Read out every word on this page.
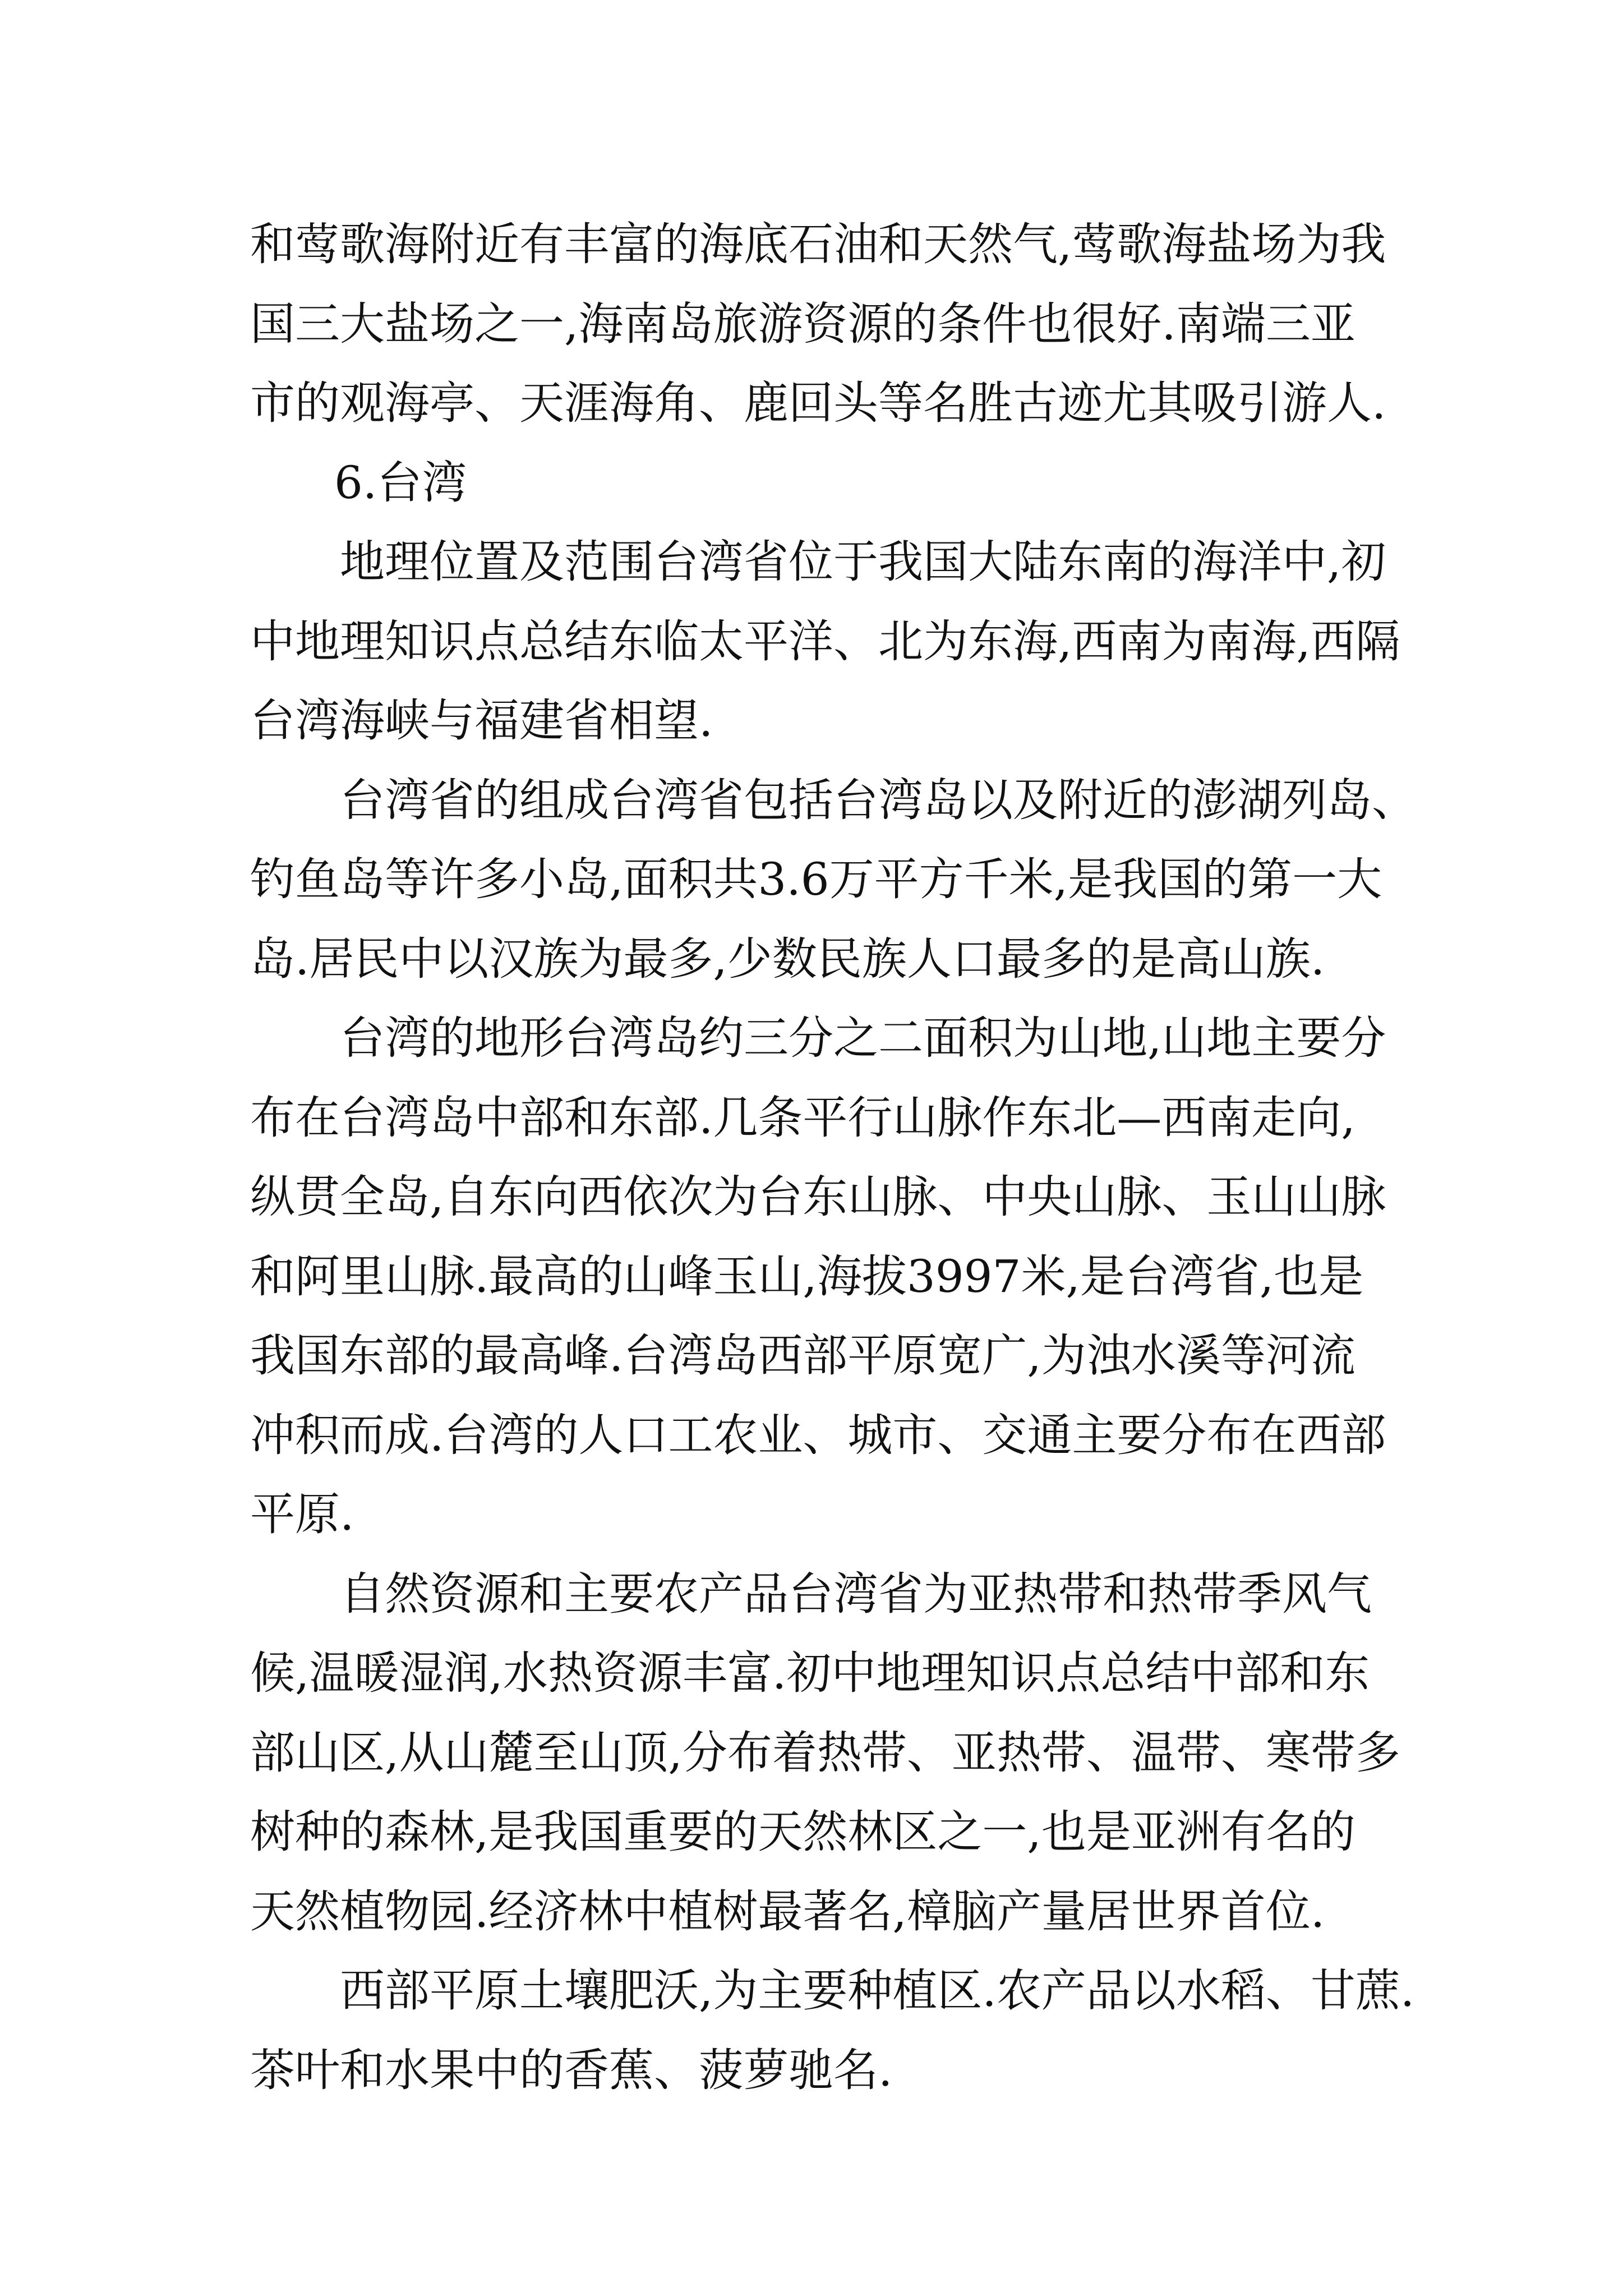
和莺歌海附近有丰富的海底石油和天然气,莺歌海盐场为我
国三大盐场之一,海南岛旅游资源的条件也很好.南端三亚
市的观海亭、天涯海角、鹿回头等名胜古迹尤其吸引游人.
6.台湾
地理位置及范围台湾省位于我国大陆东南的海洋中,初
中地理知识点总结东临太平洋、北为东海,西南为南海,西隔
台湾海峡与福建省相望.
台湾省的组成台湾省包括台湾岛以及附近的澎湖列岛、
钓鱼岛等许多小岛,面积共3.6万平方千米,是我国的第一大
岛.居民中以汉族为最多,少数民族人口最多的是高山族.
台湾的地形台湾岛约三分之二面积为山地,山地主要分
布在台湾岛中部和东部.几条平行山脉作东北—西南走向,
纵贯全岛,自东向西依次为台东山脉、中央山脉、玉山山脉
和阿里山脉.最高的山峰玉山,海拔3997米,是台湾省,也是
我国东部的最高峰.台湾岛西部平原宽广,为浊水溪等河流
冲积而成.台湾的人口工农业、城市、交通主要分布在西部
平原.
自然资源和主要农产品台湾省为亚热带和热带季风气
候,温暖湿润,水热资源丰富.初中地理知识点总结中部和东
部山区,从山麓至山顶,分布着热带、亚热带、温带、寒带多
树种的森林,是我国重要的天然林区之一,也是亚洲有名的
天然植物园.经济林中植树最著名,樟脑产量居世界首位.
西部平原土壤肥沃,为主要种植区.农产品以水稻、甘蔗.
茶叶和水果中的香蕉、菠萝驰名.
